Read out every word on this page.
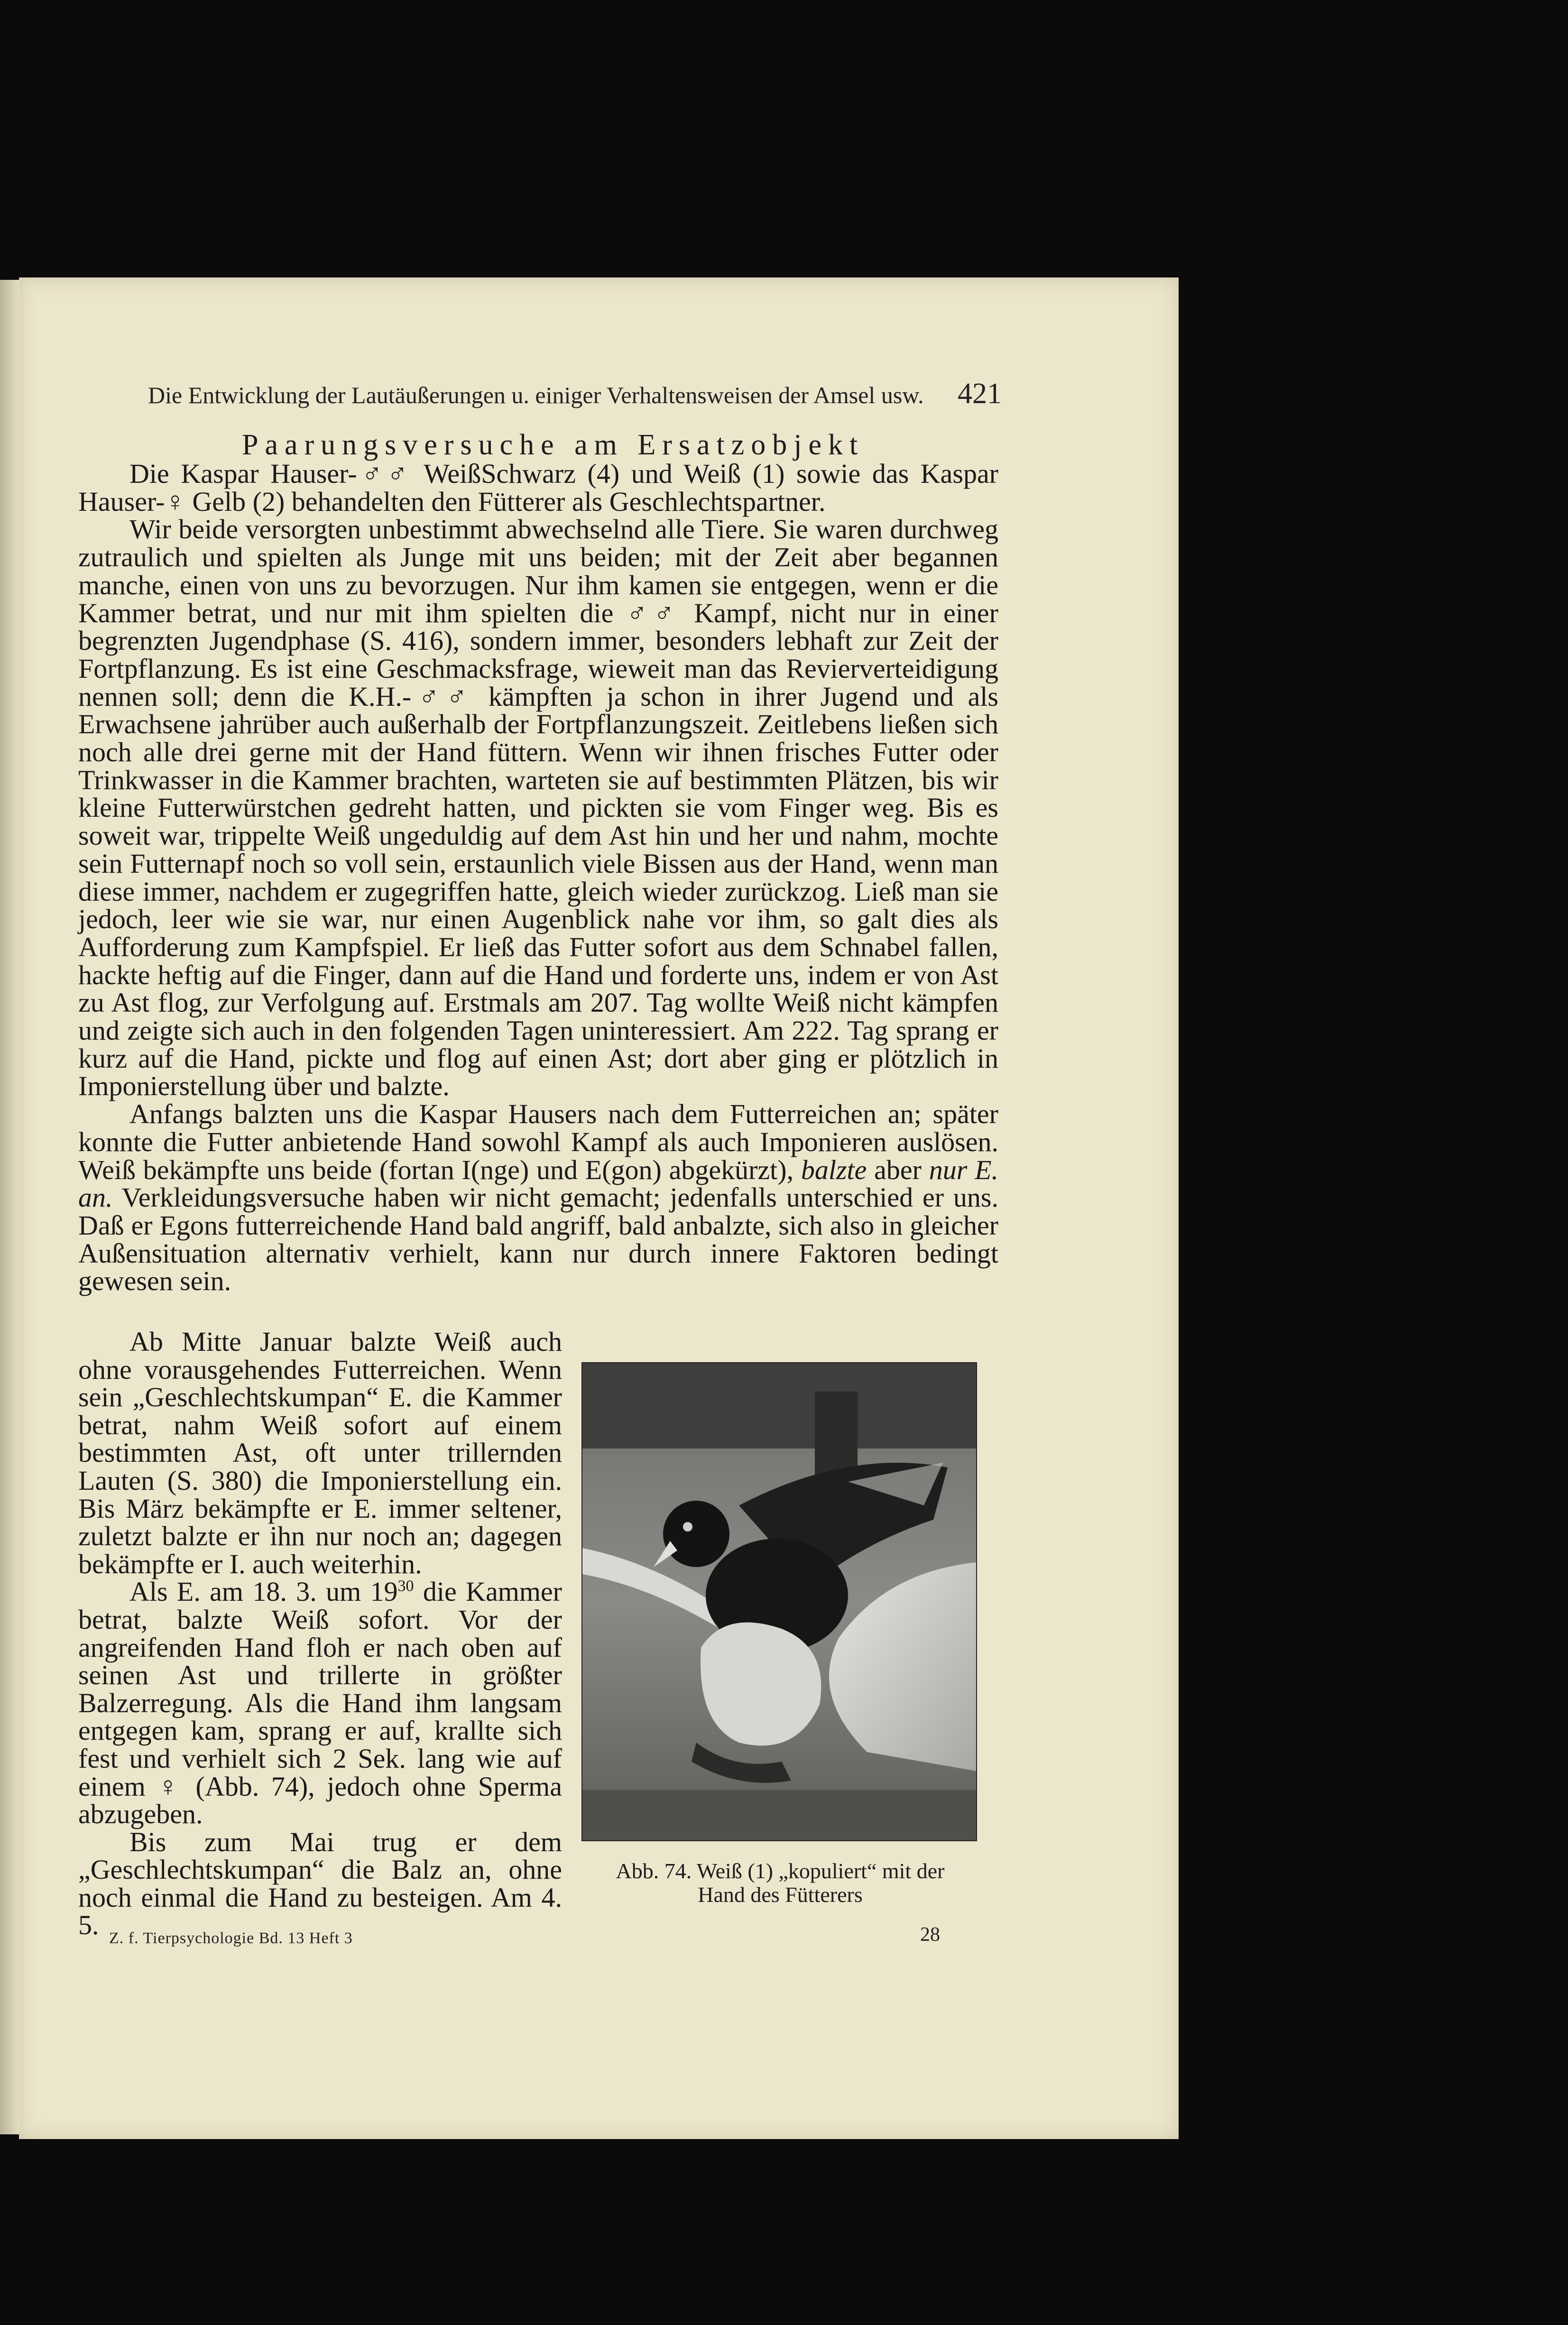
Die Entwicklung der Lautäußerungen u. einiger Verhaltensweisen der Amsel usw. 421
Paarungsversuche am Ersatzobjekt

Die Kaspar Hauser-♂♂ WeißSchwarz (4) und Weiß (1) sowie das Kaspar Hauser-♀ Gelb (2) behandelten den Fütterer als Geschlechtspartner.

Wir beide versorgten unbestimmt abwechselnd alle Tiere. Sie waren durchweg zutraulich und spielten als Junge mit uns beiden; mit der Zeit aber begannen manche, einen von uns zu bevorzugen. Nur ihm kamen sie entgegen, wenn er die Kammer betrat, und nur mit ihm spielten die ♂♂ Kampf, nicht nur in einer begrenzten Jugendphase (S. 416), sondern immer, besonders lebhaft zur Zeit der Fortpflanzung. Es ist eine Geschmacksfrage, wieweit man das Revierverteidigung nennen soll; denn die K.H.-♂♂ kämpften ja schon in ihrer Jugend und als Erwachsene jahrüber auch außerhalb der Fortpflanzungszeit. Zeitlebens ließen sich noch alle drei gerne mit der Hand füttern. Wenn wir ihnen frisches Futter oder Trinkwasser in die Kammer brachten, warteten sie auf bestimmten Plätzen, bis wir kleine Futterwürstchen gedreht hatten, und pickten sie vom Finger weg. Bis es soweit war, trippelte Weiß ungeduldig auf dem Ast hin und her und nahm, mochte sein Futternapf noch so voll sein, erstaunlich viele Bissen aus der Hand, wenn man diese immer, nachdem er zugegriffen hatte, gleich wieder zurückzog. Ließ man sie jedoch, leer wie sie war, nur einen Augenblick nahe vor ihm, so galt dies als Aufforderung zum Kampfspiel. Er ließ das Futter sofort aus dem Schnabel fallen, hackte heftig auf die Finger, dann auf die Hand und forderte uns, indem er von Ast zu Ast flog, zur Verfolgung auf. Erstmals am 207. Tag wollte Weiß nicht kämpfen und zeigte sich auch in den folgenden Tagen uninteressiert. Am 222. Tag sprang er kurz auf die Hand, pickte und flog auf einen Ast; dort aber ging er plötzlich in Imponierstellung über und balzte.

Anfangs balzten uns die Kaspar Hausers nach dem Futterreichen an; später konnte die Futter anbietende Hand sowohl Kampf als auch Imponieren auslösen. Weiß bekämpfte uns beide (fortan I(nge) und E(gon) abgekürzt), balzte aber nur E. an. Verkleidungsversuche haben wir nicht gemacht; jedenfalls unterschied er uns. Daß er Egons futterreichende Hand bald angriff, bald anbalzte, sich also in gleicher Außensituation alternativ verhielt, kann nur durch innere Faktoren bedingt gewesen sein.

Ab Mitte Januar balzte Weiß auch ohne vorausgehendes Futterreichen. Wenn sein „Geschlechtskumpan“ E. die Kammer betrat, nahm Weiß sofort auf einem bestimmten Ast, oft unter trillernden Lauten (S. 380) die Imponierstellung ein. Bis März bekämpfte er E. immer seltener, zuletzt balzte er ihn nur noch an; dagegen bekämpfte er I. auch weiterhin.

Als E. am 18. 3. um $19^{30}$ die Kammer betrat, balzte Weiß sofort. Vor der angreifenden Hand floh er nach oben auf seinen Ast und trillerte in größter Balzerregung. Als die Hand ihm langsam entgegen kam, sprang er auf, krallte sich fest und verhielt sich 2 Sek. lang wie auf einem ♀ (Abb. 74), jedoch ohne Sperma abzugeben.

Bis zum Mai trug er dem „Geschlechtskumpan“ die Balz an, ohne noch einmal die Hand zu besteigen. Am 4. 5.

Abb. 74. Weiß (1) „kopuliert“ mit der
Hand des Fütterers
Z. f. Tierpsychologie Bd. 13 Heft 3	28
